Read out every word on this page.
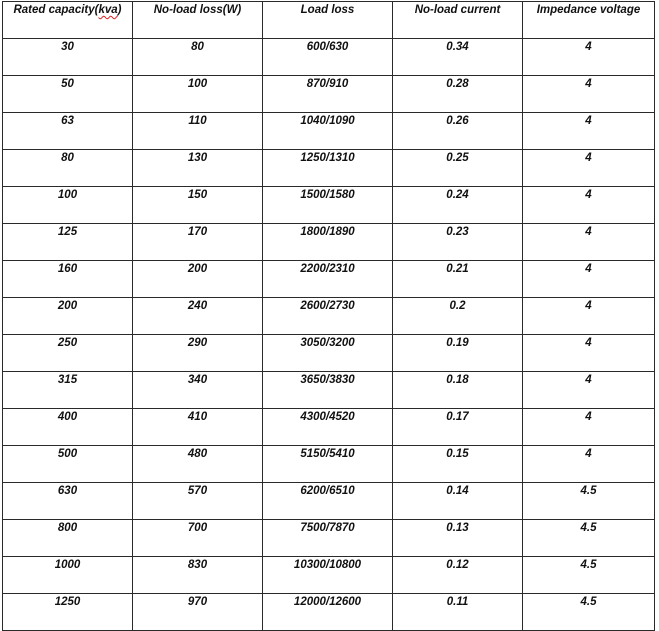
Rated capacity(kva)	No-load loss(W)	Load loss	No-load current	Impedance voltage
30	80	600/630	0.34	4
50	100	870/910	0.28	4
63	110	1040/1090	0.26	4
80	130	1250/1310	0.25	4
100	150	1500/1580	0.24	4
125	170	1800/1890	0.23	4
160	200	2200/2310	0.21	4
200	240	2600/2730	0.2	4
250	290	3050/3200	0.19	4
315	340	3650/3830	0.18	4
400	410	4300/4520	0.17	4
500	480	5150/5410	0.15	4
630	570	6200/6510	0.14	4.5
800	700	7500/7870	0.13	4.5
1000	830	10300/10800	0.12	4.5
1250	970	12000/12600	0.11	4.5
